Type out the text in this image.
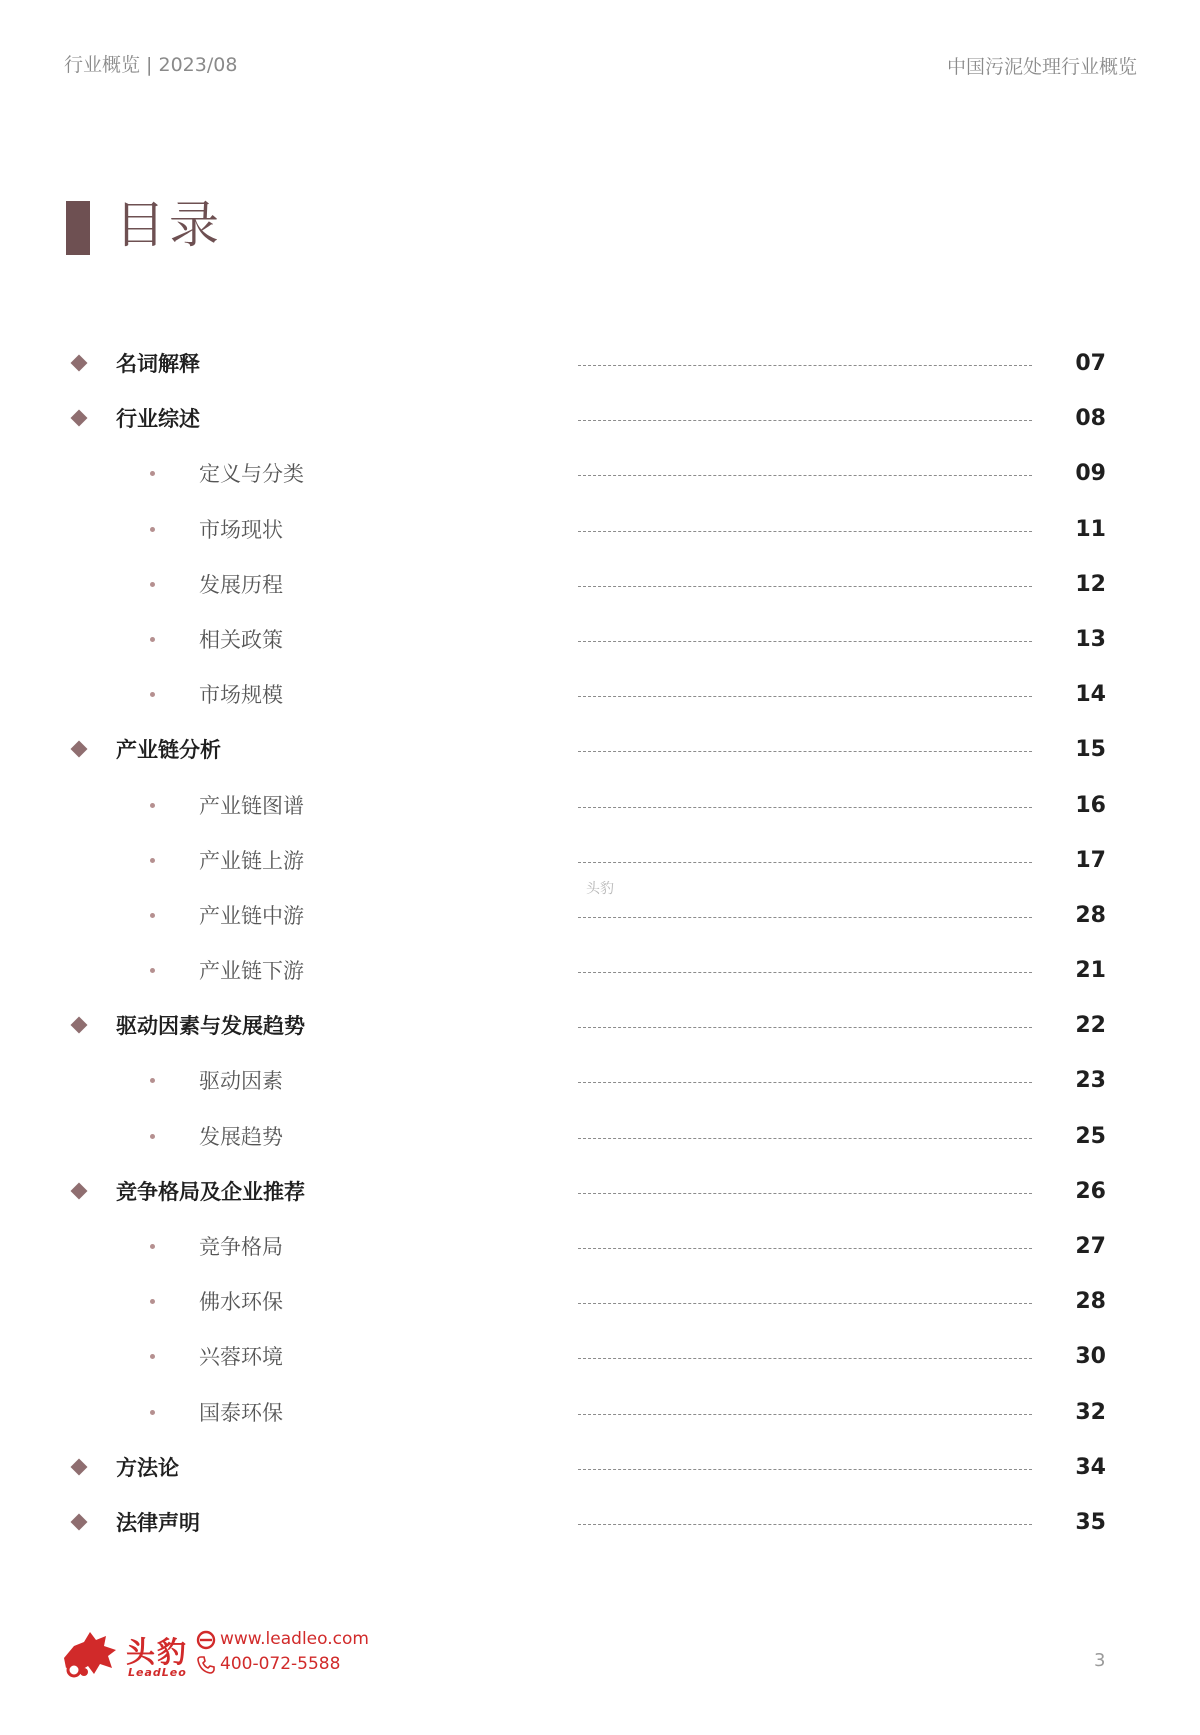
行业概览 | 2023/08	中国污泥处理行业概览
目录
名词解释	07
行业综述	08
定义与分类	09
市场现状	11
发展历程	12
相关政策	13
市场规模	14
产业链分析	15
产业链图谱	16
产业链上游	17
产业链中游	28
产业链下游	21
驱动因素与发展趋势	22
驱动因素	23
发展趋势	25
竞争格局及企业推荐	26
竞争格局	27
佛水环保	28
兴蓉环境	30
国泰环保	32
方法论	34
法律声明	35
头豹
头豹
LeadLeo
www.leadleo.com
400-072-5588	3
